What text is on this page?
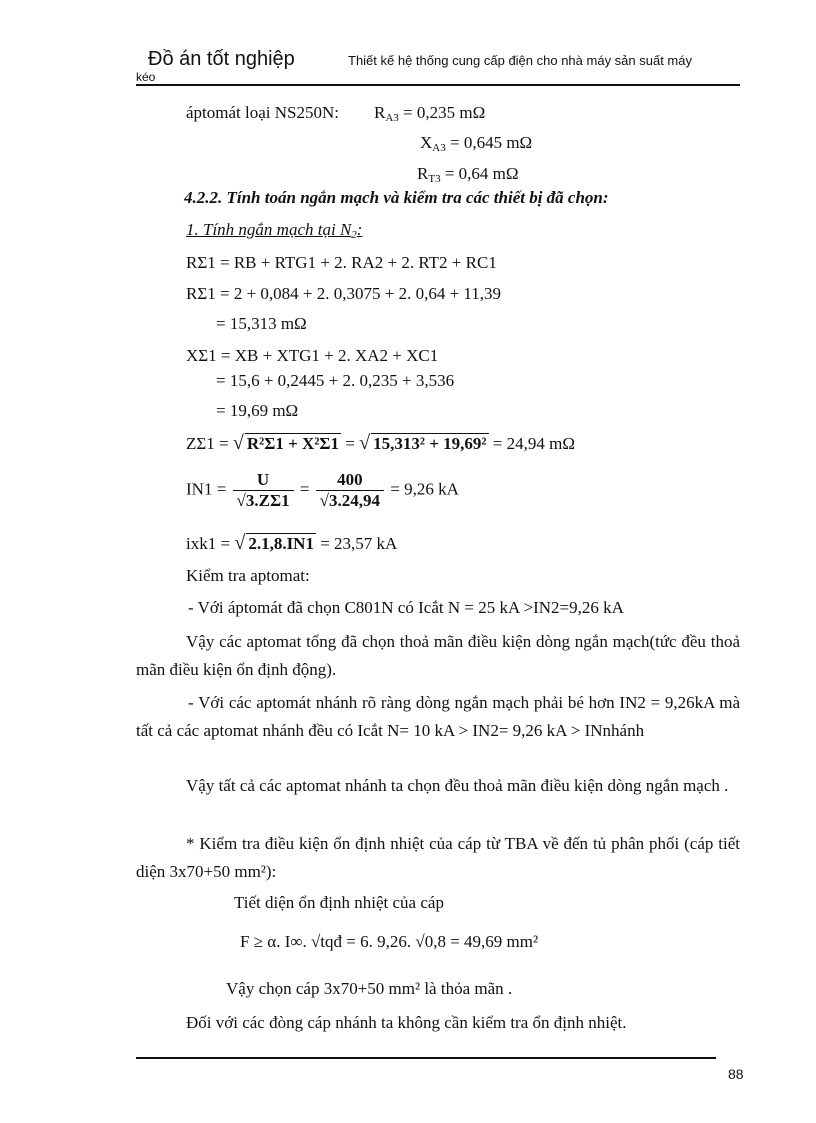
Đồ án tốt nghiệp	Thiết kế hệ thống cung cấp điện cho nhà máy sản suất máy
kéo
áptomát loại NS250N: $R_{A3} = 0,235$ mΩ
$X_{A3} = 0,645$ mΩ
$R_{T3} = 0,64$ mΩ
4.2.2. Tính toán ngắn mạch và kiểm tra các thiết bị đã chọn:
1. Tính ngắn mạch tại $N_2$:
RΣ1 = RB + RTG1 + 2. RA2 + 2. RT2 + RC1
RΣ1 = 2 + 0,084 + 2. 0,3075 + 2. 0,64 + 11,39
= 15,313 mΩ
XΣ1 = XB + XTG1 + 2. XA2 + XC1
= 15,6 + 0,2445 + 2. 0,235 + 3,536
= 19,69 mΩ
ZΣ1 = √ R²Σ1 + X²Σ1 = √ 15,313² + 19,69² = 24,94 mΩ
$IN1 = \frac{U}{√3.Z\Sigma 1} = \frac{400}{√3.24,94} = 9,26$ kA
ixk1 = √ 2.1,8.IN1 = 23,57 kA
Kiểm tra aptomat:
- Với áptomát đã chọn C801N có Icắt N = 25 kA >IN2=9,26 kA
Vậy các aptomat tổng đã chọn thoả mãn điều kiện dòng ngắn mạch(tức đều thoả mãn điều kiện ổn định động).
- Với các aptomát nhánh rõ ràng dòng ngắn mạch phải bé hơn IN2 = 9,26kA mà tất cả các aptomat nhánh đều có Icắt N= 10 kA > IN2= 9,26 kA > INnhánh
Vậy tất cả các aptomat nhánh ta chọn đều thoả mãn điều kiện dòng ngắn mạch .
* Kiểm tra điều kiện ổn định nhiệt của cáp từ TBA về đến tủ phân phối (cáp tiết diện 3x70+50 mm²):
Tiết diện ổn định nhiệt của cáp
F ≥ α. I∞. √tqđ = 6. 9,26. √0,8 = 49,69 mm²
Vậy chọn cáp 3x70+50 mm² là thỏa mãn .
Đối với các đòng cáp nhánh ta không cần kiểm tra ổn định nhiệt.
88
